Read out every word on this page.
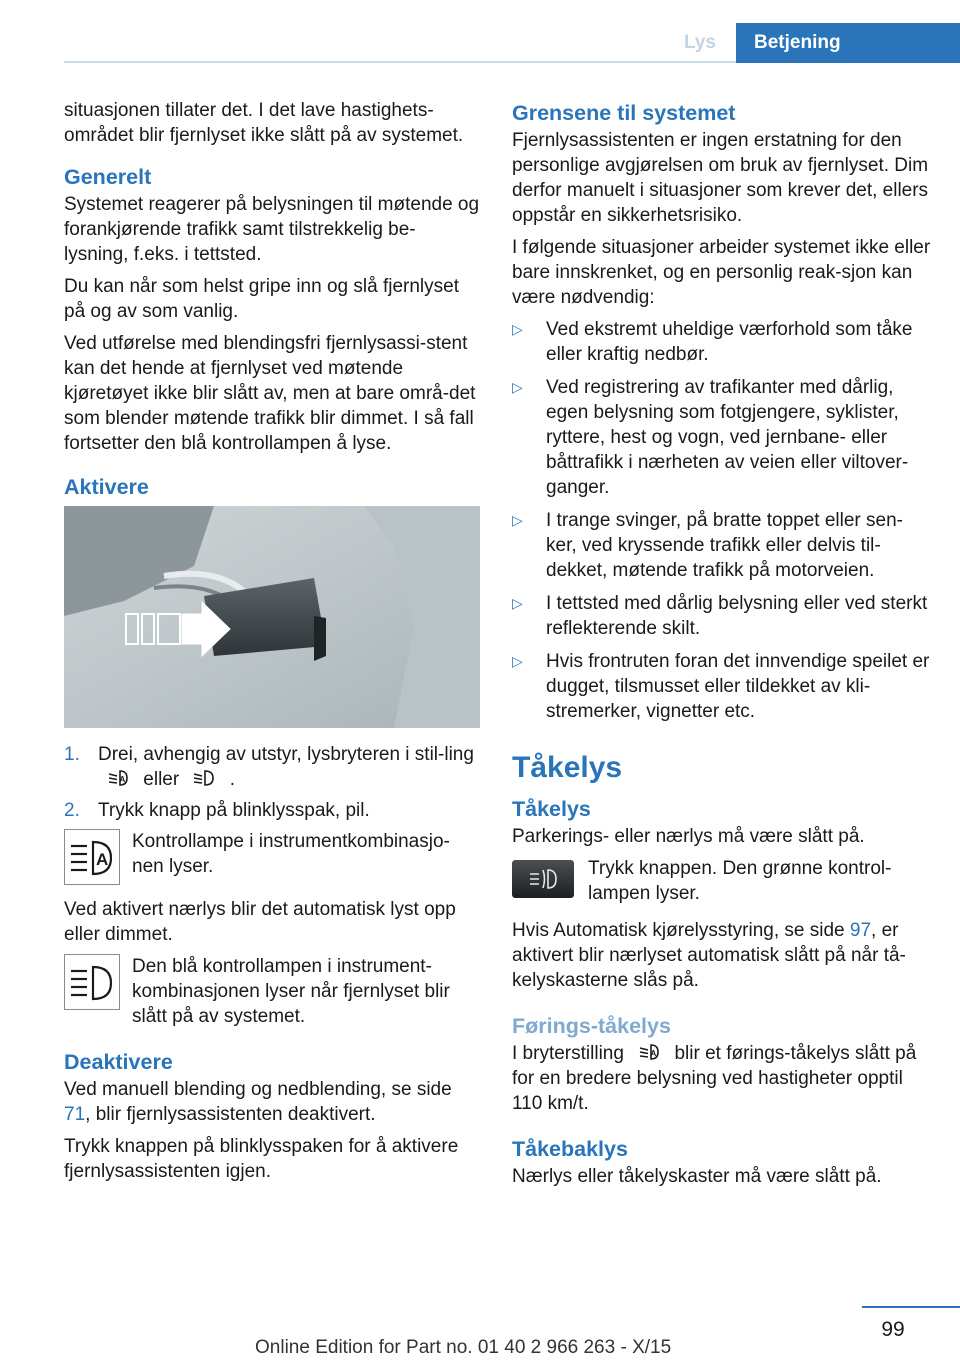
Lys	Betjening

situasjonen tillater det. I det lave hastighets-området blir fjernlyset ikke slått på av systemet.

Generelt

Systemet reagerer på belysningen til møtende og forankjørende trafikk samt tilstrekkelig be-lysning, f.eks. i tettsted.

Du kan når som helst gripe inn og slå fjernlyset på og av som vanlig.

Ved utførelse med blendingsfri fjernlysassi-stent kan det hende at fjernlyset ved møtende kjøretøyet ikke blir slått av, men at bare områ-det som blender møtende trafikk blir dimmet. I så fall fortsetter den blå kontrollampen å lyse.

Aktivere
1. Drei, avhengig av utstyr, lysbryteren i stil-ling
A eller	.
2. Trykk knapp på blinklysspak, pil.
A

Kontrollampe i instrumentkombinasjo-nen lyser.

Ved aktivert nærlys blir det automatisk lyst opp eller dimmet.

Den blå kontrollampen i instrument-kombinasjonen lyser når fjernlyset blir slått på av systemet.

Deaktivere

Ved manuell blending og nedblending, se side 71, blir fjernlysassistenten deaktivert.

Trykk knappen på blinklysspaken for å aktivere fjernlysassistenten igjen.

Grensene til systemet

Fjernlysassistenten er ingen erstatning for den personlige avgjørelsen om bruk av fjernlyset. Dim derfor manuelt i situasjoner som krever det, ellers oppstår en sikkerhetsrisiko.

I følgende situasjoner arbeider systemet ikke eller bare innskrenket, og en personlig reak-sjon kan være nødvendig:

▷	Ved ekstremt uheldige værforhold som tåke eller kraftig nedbør.
▷	Ved registrering av trafikanter med dårlig, egen belysning som fotgjengere, syklister, ryttere, hest og vogn, ved jernbane- eller båttrafikk i nærheten av veien eller viltover-ganger.
▷	I trange svinger, på bratte toppet eller sen-ker, ved kryssende trafikk eller delvis til-dekket, møtende trafikk på motorveien.
▷	I tettsted med dårlig belysning eller ved sterkt reflekterende skilt.
▷	Hvis frontruten foran det innvendige speilet er dugget, tilsmusset eller tildekket av kli-stremerker, vignetter etc.
Tåkelys
Tåkelys

Parkerings- eller nærlys må være slått på.

Trykk knappen. Den grønne kontrol-lampen lyser.

Hvis Automatisk kjørelysstyring, se side 97, er aktivert blir nærlyset automatisk slått på når tå-kelyskasterne slås på.

Førings-tåkelys

I bryterstilling	A blir et førings-tåkelys slått på for en bredere belysning ved hastigheter opptil 110 km/t.

Tåkebaklys

Nærlys eller tåkelyskaster må være slått på.

99
Online Edition for Part no. 01 40 2 966 263 - X/15
